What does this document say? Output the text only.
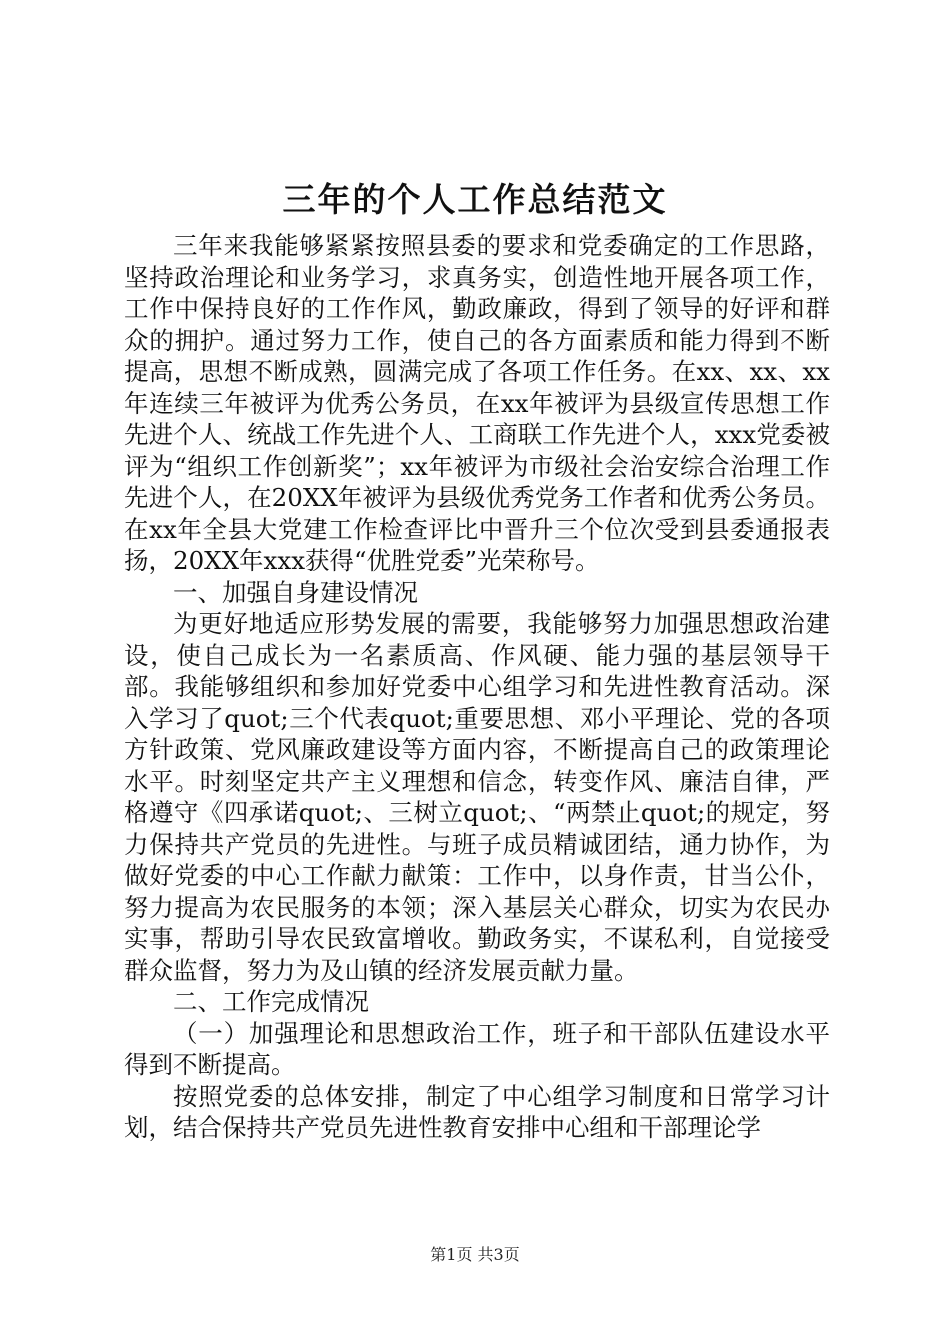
三年的个人工作总结范文

三年来我能够紧紧按照县委的要求和党委确定的工作思路，坚持政治理论和业务学习，求真务实，创造性地开展各项工作，工作中保持良好的工作作风，勤政廉政，得到了领导的好评和群众的拥护。通过努力工作，使自己的各方面素质和能力得到不断提高，思想不断成熟，圆满完成了各项工作任务。在xx、xx、xx年连续三年被评为优秀公务员，在xx年被评为县级宣传思想工作先进个人、统战工作先进个人、工商联工作先进个人，xxx党委被评为“组织工作创新奖”；xx年被评为市级社会治安综合治理工作先进个人，在20XX年被评为县级优秀党务工作者和优秀公务员。在xx年全县大党建工作检查评比中晋升三个位次受到县委通报表扬，20XX年xxx获得“优胜党委”光荣称号。

一、加强自身建设情况

为更好地适应形势发展的需要，我能够努力加强思想政治建设，使自己成长为一名素质高、作风硬、能力强的基层领导干部。我能够组织和参加好党委中心组学习和先进性教育活动。深入学习了quot;三个代表quot;重要思想、邓小平理论、党的各项方针政策、党风廉政建设等方面内容，不断提高自己的政策理论水平。时刻坚定共产主义理想和信念，转变作风、廉洁自律，严格遵守《四承诺quot;、三树立quot;、“两禁止quot;的规定，努力保持共产党员的先进性。与班子成员精诚团结，通力协作，为做好党委的中心工作献力献策：工作中，以身作责，甘当公仆，努力提高为农民服务的本领；深入基层关心群众，切实为农民办实事，帮助引导农民致富增收。勤政务实，不谋私利，自觉接受群众监督，努力为及山镇的经济发展贡献力量。

二、工作完成情况

（一）加强理论和思想政治工作，班子和干部队伍建设水平得到不断提高。

按照党委的总体安排，制定了中心组学习制度和日常学习计划，结合保持共产党员先进性教育安排中心组和干部理论学

第1页 共3页
